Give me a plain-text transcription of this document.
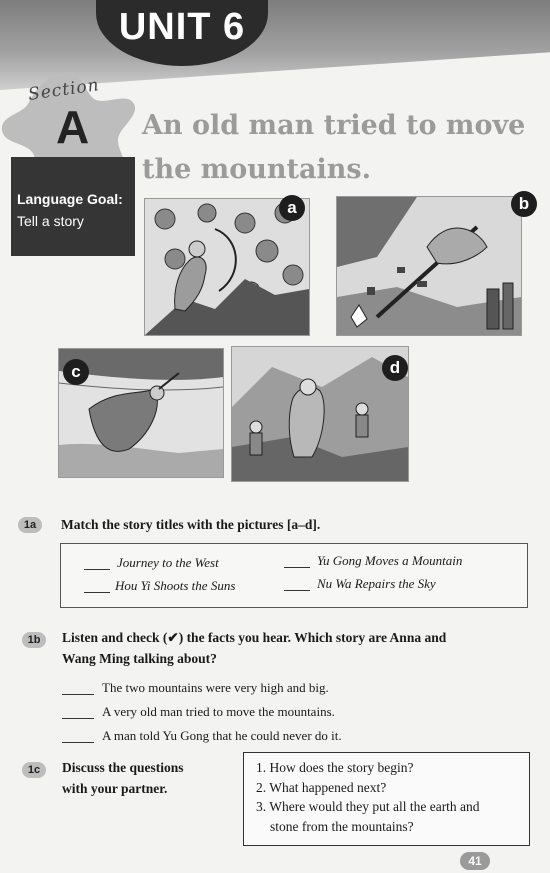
UNIT 6
Section
A An old man tried to move the mountains.
Language Goal:
Tell a story
a	b
c	d
1a	Match the story titles with the pictures [a–d].
Journey to the West	Yu Gong Moves a Mountain
Hou Yi Shoots the Suns	Nu Wa Repairs the Sky
1b	Listen and check (✔) the facts you hear. Which story are Anna and
Wang Ming talking about?
The two mountains were very high and big.
A very old man tried to move the mountains.
A man told Yu Gong that he could never do it.
1c	Discuss the questions
with your partner.
1. How does the story begin?
2. What happened next?
3. Where would they put all the earth and
stone from the mountains?
41
